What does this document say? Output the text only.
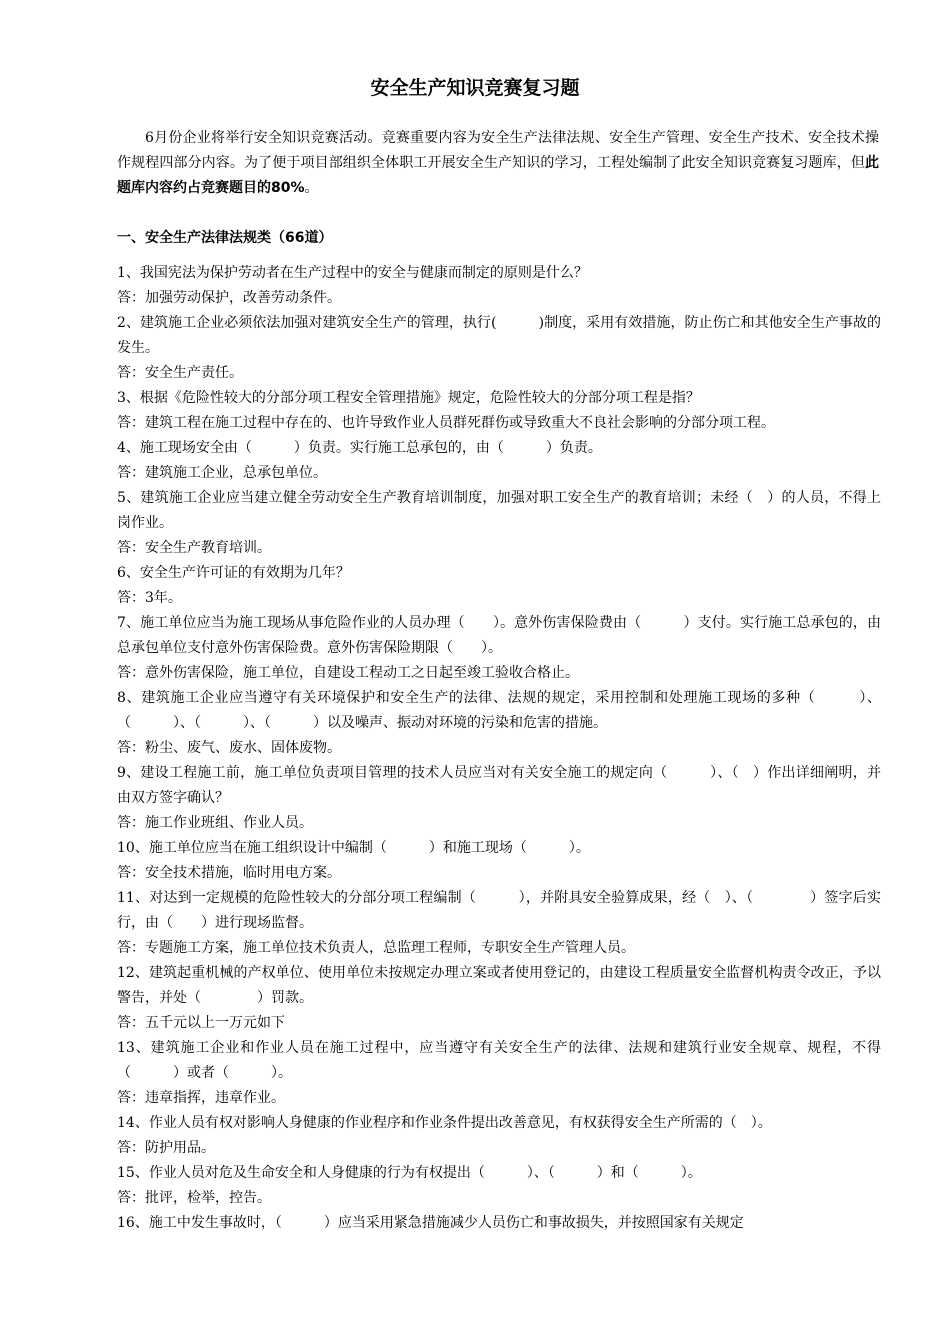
安全生产知识竞赛复习题

6月份企业将举行安全知识竞赛活动。竞赛重要内容为安全生产法律法规、安全生产管理、安全生产技术、安全技术操作规程四部分内容。为了便于项目部组织全体职工开展安全生产知识的学习，工程处编制了此安全知识竞赛复习题库，但此题库内容约占竞赛题目的80%。

一、安全生产法律法规类（66道）

1、我国宪法为保护劳动者在生产过程中的安全与健康而制定的原则是什么？

答：加强劳动保护，改善劳动条件。

2、建筑施工企业必须依法加强对建筑安全生产的管理，执行(　　　)制度，采用有效措施，防止伤亡和其他安全生产事故的发生。

答：安全生产责任。

3、根据《危险性较大的分部分项工程安全管理措施》规定，危险性较大的分部分项工程是指？

答：建筑工程在施工过程中存在的、也许导致作业人员群死群伤或导致重大不良社会影响的分部分项工程。

4、施工现场安全由（　　　）负责。实行施工总承包的，由（　　　）负责。

答：建筑施工企业，总承包单位。

5、建筑施工企业应当建立健全劳动安全生产教育培训制度，加强对职工安全生产的教育培训；未经（　）的人员，不得上岗作业。

答：安全生产教育培训。

6、安全生产许可证的有效期为几年？

答：3年。

7、施工单位应当为施工现场从事危险作业的人员办理（　　）。意外伤害保险费由（　　　）支付。实行施工总承包的，由总承包单位支付意外伤害保险费。意外伤害保险期限（　　）。

答：意外伤害保险，施工单位，自建设工程动工之日起至竣工验收合格止。

8、建筑施工企业应当遵守有关环境保护和安全生产的法律、法规的规定，采用控制和处理施工现场的多种（　　　）、（　　　）、（　　　）、（　　　）以及噪声、振动对环境的污染和危害的措施。

答：粉尘、废气、废水、固体废物。

9、建设工程施工前，施工单位负责项目管理的技术人员应当对有关安全施工的规定向（　　　）、（　）作出详细阐明，并由双方签字确认？

答：施工作业班组、作业人员。

10、施工单位应当在施工组织设计中编制（　　　）和施工现场（　　　）。

答：安全技术措施，临时用电方案。

11、对达到一定规模的危险性较大的分部分项工程编制（　　　），并附具安全验算成果，经（　）、（　　　　）签字后实行，由（　　）进行现场监督。

答：专题施工方案，施工单位技术负责人，总监理工程师，专职安全生产管理人员。

12、建筑起重机械的产权单位、使用单位未按规定办理立案或者使用登记的，由建设工程质量安全监督机构责令改正，予以警告，并处（　　　　）罚款。

答：五千元以上一万元如下

13、建筑施工企业和作业人员在施工过程中，应当遵守有关安全生产的法律、法规和建筑行业安全规章、规程，不得（　　　）或者（　　　）。

答：违章指挥，违章作业。

14、作业人员有权对影响人身健康的作业程序和作业条件提出改善意见，有权获得安全生产所需的（　）。

答：防护用品。

15、作业人员对危及生命安全和人身健康的行为有权提出（　　　）、（　　　）和（　　　）。

答：批评，检举，控告。

16、施工中发生事故时，（　　　）应当采用紧急措施减少人员伤亡和事故损失，并按照国家有关规定
